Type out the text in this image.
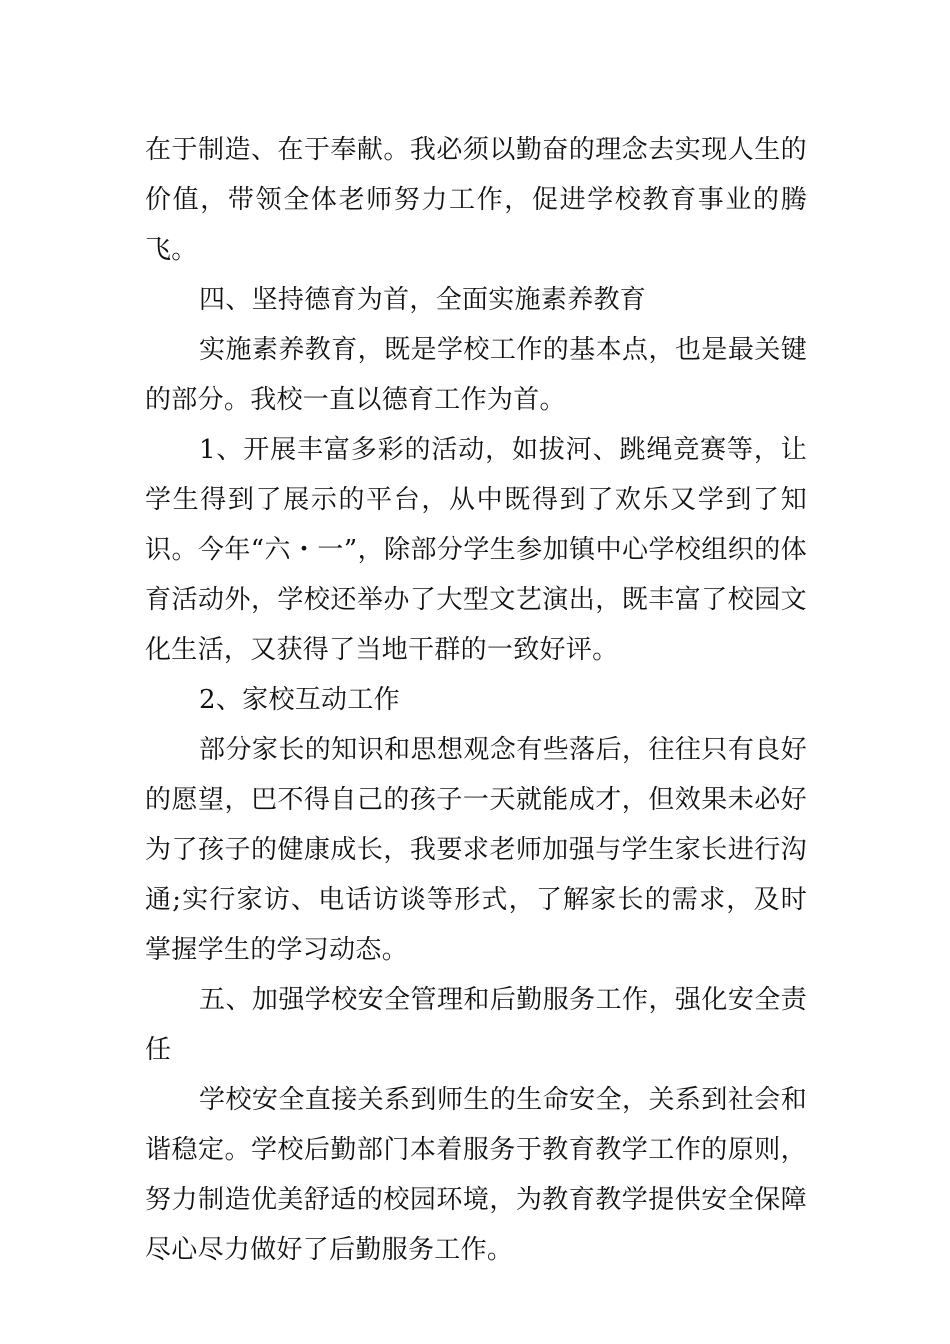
在于制造、在于奉献。我必须以勤奋的理念去实现人生的价值，带领全体老师努力工作，促进学校教育事业的腾飞。

四、坚持德育为首，全面实施素养教育

实施素养教育，既是学校工作的基本点，也是最关键的部分。我校一直以德育工作为首。

1、开展丰富多彩的活动，如拔河、跳绳竞赛等，让学生得到了展示的平台，从中既得到了欢乐又学到了知识。今年“六・一”，除部分学生参加镇中心学校组织的体育活动外，学校还举办了大型文艺演出，既丰富了校园文化生活，又获得了当地干群的一致好评。

2、家校互动工作

部分家长的知识和思想观念有些落后，往往只有良好的愿望，巴不得自己的孩子一天就能成才，但效果未必好为了孩子的健康成长，我要求老师加强与学生家长进行沟通;实行家访、电话访谈等形式，了解家长的需求，及时掌握学生的学习动态。

五、加强学校安全管理和后勤服务工作，强化安全责任

学校安全直接关系到师生的生命安全，关系到社会和谐稳定。学校后勤部门本着服务于教育教学工作的原则，努力制造优美舒适的校园环境，为教育教学提供安全保障尽心尽力做好了后勤服务工作。
